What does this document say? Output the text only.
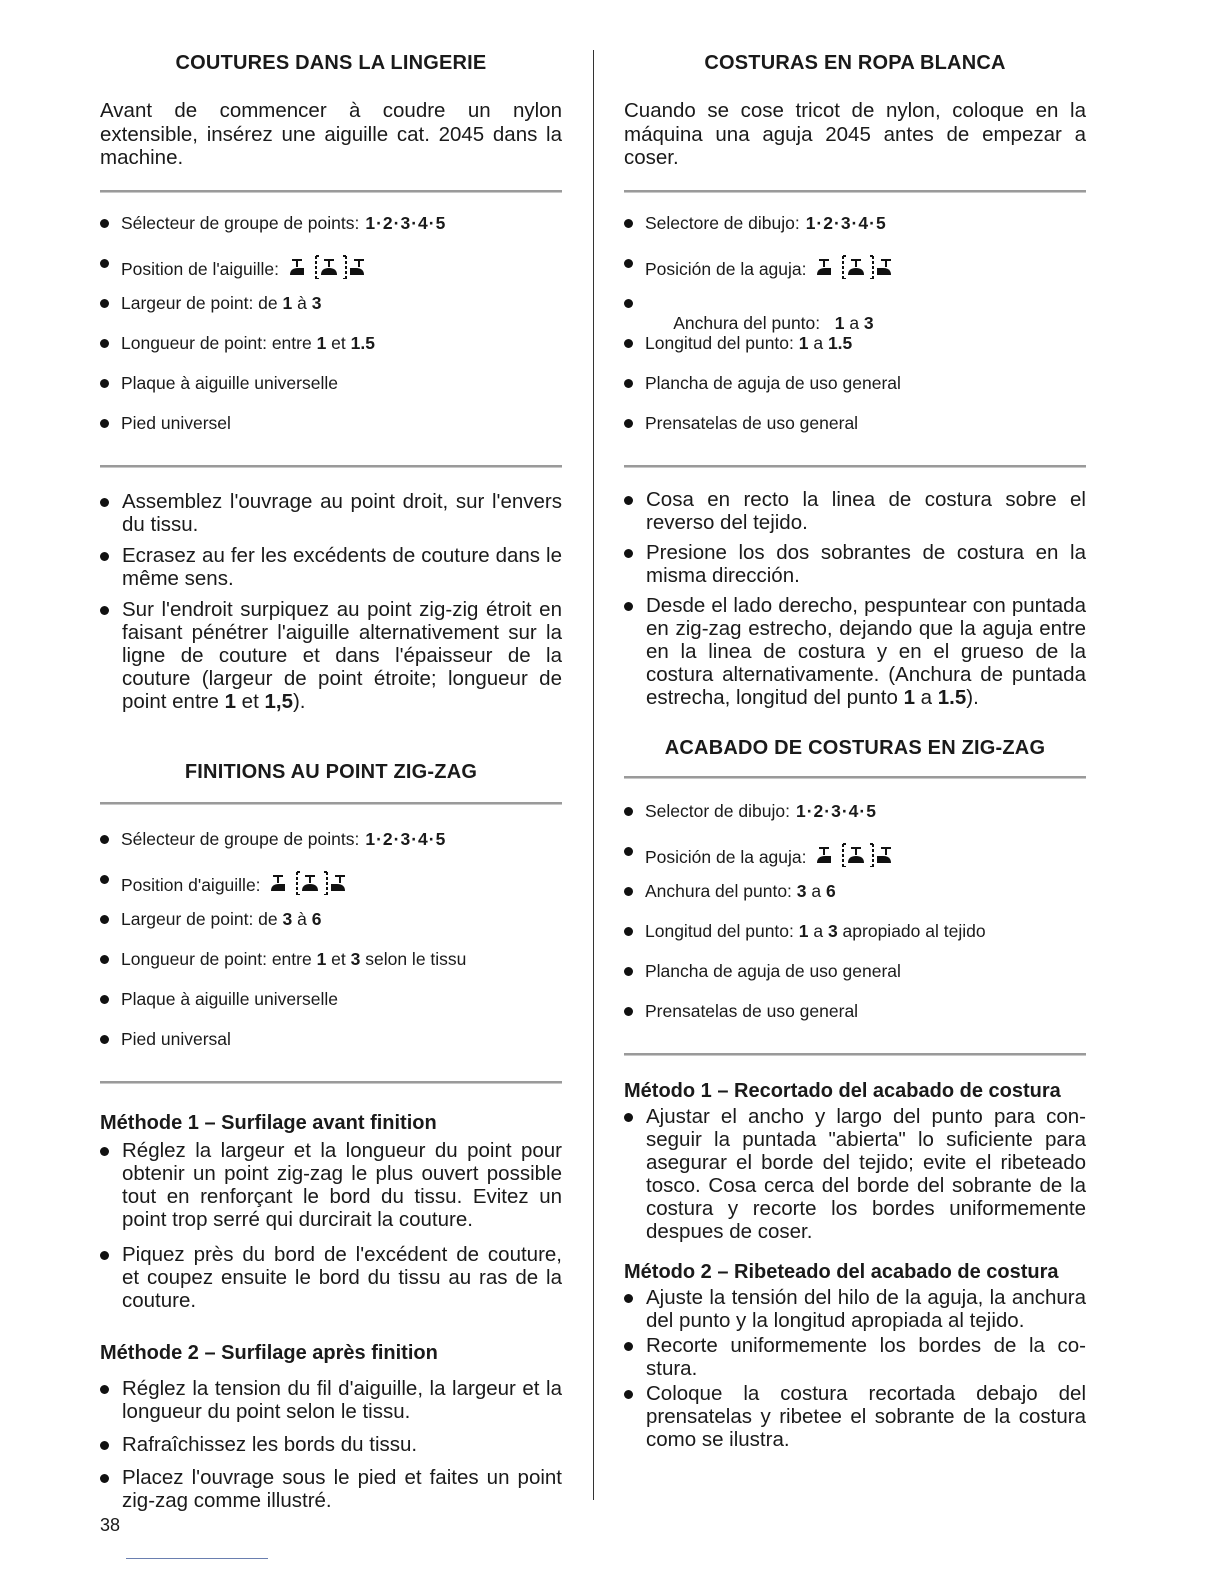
COUTURES DANS LA LINGERIE

Avant de commencer à coudre un nylon extensible, insérez une aiguille cat. 2045 dans la machine.

Sélecteur de groupe de points: 1·2·3·4·5
Position de l'aiguille:
Largeur de point: de 1 à 3
Longueur de point: entre 1 et 1.5
Plaque à aiguille universelle
Pied universel
Assemblez l'ouvrage au point droit, sur l'envers du tissu.
Ecrasez au fer les excédents de couture dans le même sens.
Sur l'endroit surpiquez au point zig-zig étroit en faisant pénétrer l'aiguille alternativement sur la ligne de couture et dans l'épaisseur de la couture (largeur de point étroite; longueur de point entre 1 et 1,5).
FINITIONS AU POINT ZIG-ZAG
Sélecteur de groupe de points: 1·2·3·4·5
Position d'aiguille:
Largeur de point: de 3 à 6
Longueur de point: entre 1 et 3 selon le tissu
Plaque à aiguille universelle
Pied universal
Méthode 1 – Surfilage avant finition
Réglez la largeur et la longueur du point pour obtenir un point zig-zag le plus ouvert possible tout en renforçant le bord du tissu. Evitez un point trop serré qui durcirait la couture.
Piquez près du bord de l'excédent de couture, et coupez ensuite le bord du tissu au ras de la couture.
Méthode 2 – Surfilage après finition
Réglez la tension du fil d'aiguille, la largeur et la longueur du point selon le tissu.
Rafraîchissez les bords du tissu.
Placez l'ouvrage sous le pied et faites un point zig-zag comme illustré.
COSTURAS EN ROPA BLANCA

Cuando se cose tricot de nylon, coloque en la máquina una aguja 2045 antes de empezar a coser.

Selectore de dibujo: 1·2·3·4·5
Posición de la aguja:

Anchura del punto:   1 a 3

Longitud del punto: 1 a 1.5
Plancha de aguja de uso general
Prensatelas de uso general
Cosa en recto la linea de costura sobre el reverso del tejido.
Presione los dos sobrantes de costura en la misma dirección.
Desde el lado derecho, pespuntear con puntada en zig-zag estrecho, dejando que la aguja entre en la linea de costura y en el grueso de la costura alternativamente. (Anchura de puntada estrecha, longitud del punto 1 a 1.5).
ACABADO DE COSTURAS EN ZIG-ZAG
Selector de dibujo: 1·2·3·4·5
Posición de la aguja:
Anchura del punto: 3 a 6
Longitud del punto: 1 a 3 apropiado al tejido
Plancha de aguja de uso general
Prensatelas de uso general
Método 1 – Recortado del acabado de costura
Ajustar el ancho y largo del punto para conseguir la puntada "abierta" lo suficiente para asegurar el borde del tejido; evite el ribeteado tosco. Cosa cerca del borde del sobrante de la costura y recorte los bordes uniformemente despues de coser.
Método 2 – Ribeteado del acabado de costura
Ajuste la tensión del hilo de la aguja, la anchura del punto y la longitud apropiada al tejido.
Recorte uniformemente los bordes de la costura.
Coloque la costura recortada debajo del prensatelas y ribetee el sobrante de la costura como se ilustra.
38
